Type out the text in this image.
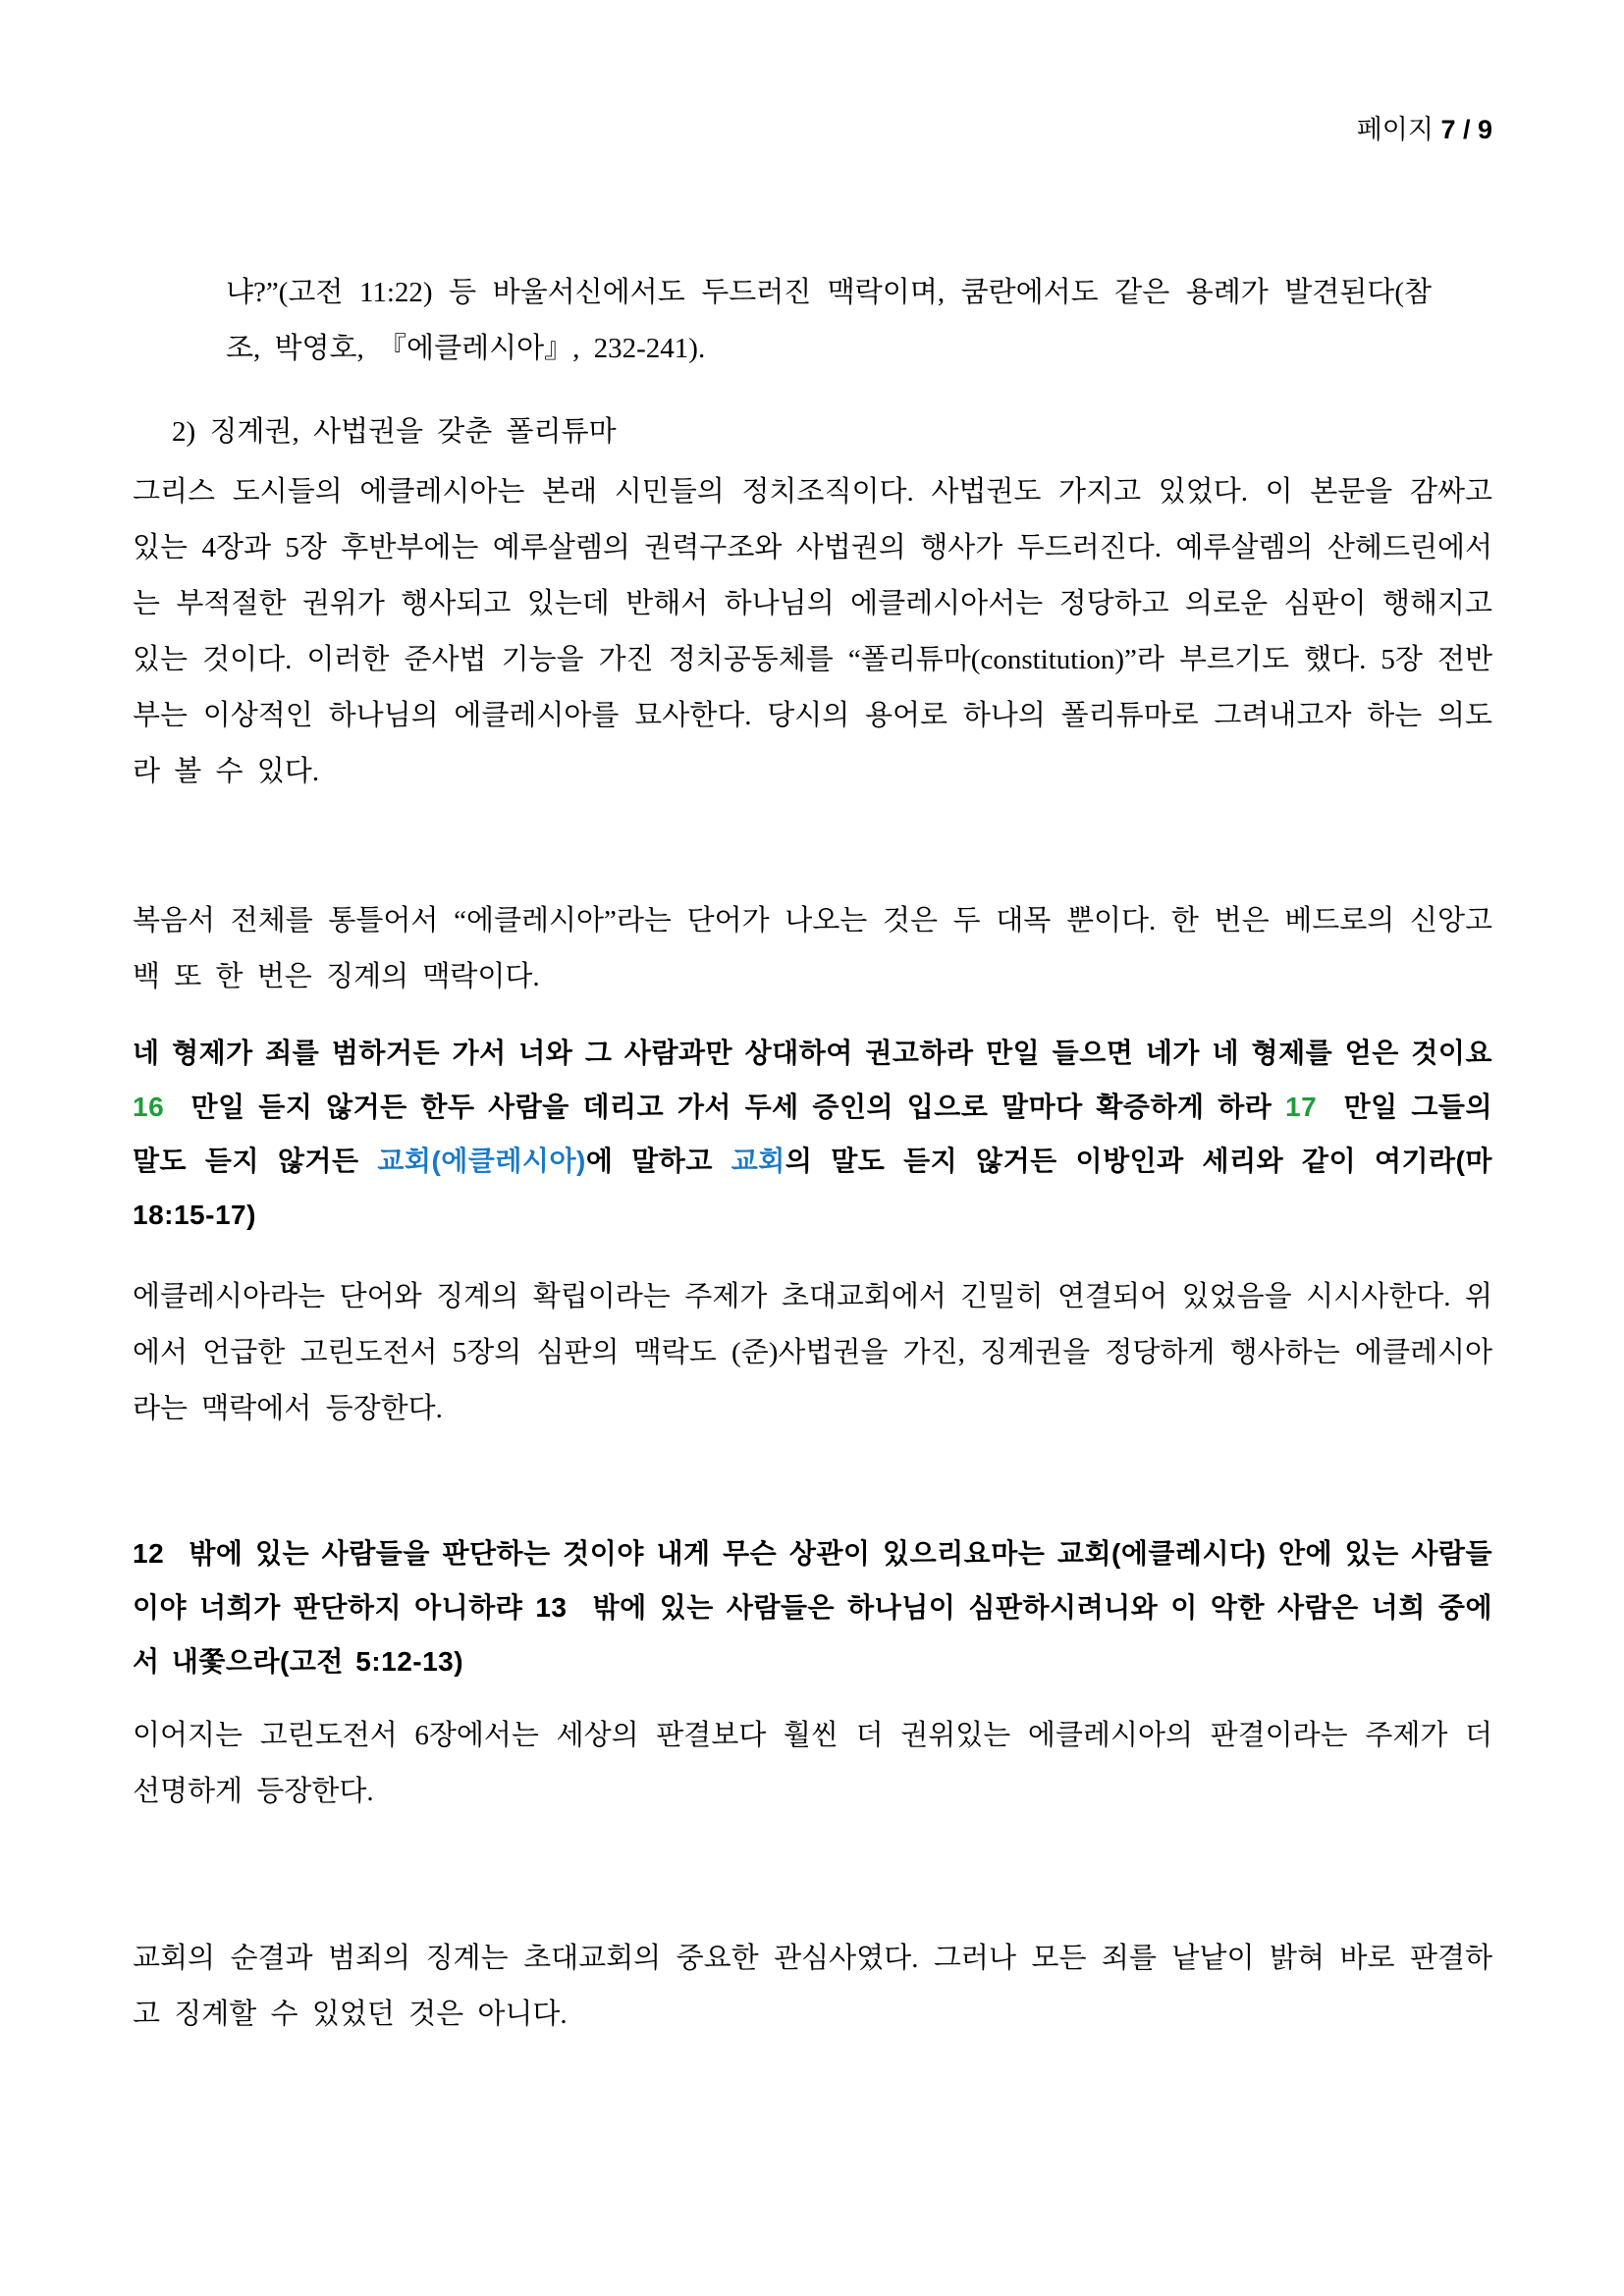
페이지 7 / 9

냐?”(고전 11:22) 등 바울서신에서도 두드러진 맥락이며, 쿰란에서도 같은 용례가 발견된다(참조, 박영호, 『에클레시아』, 232-241).

2) 징계권, 사법권을 갖춘 폴리튜마

그리스 도시들의 에클레시아는 본래 시민들의 정치조직이다. 사법권도 가지고 있었다. 이 본문을 감싸고 있는 4장과 5장 후반부에는 예루살렘의 권력구조와 사법권의 행사가 두드러진다. 예루살렘의 산헤드린에서는 부적절한 권위가 행사되고 있는데 반해서 하나님의 에클레시아서는 정당하고 의로운 심판이 행해지고 있는 것이다. 이러한 준사법 기능을 가진 정치공동체를 “폴리튜마(constitution)”라 부르기도 했다. 5장 전반부는 이상적인 하나님의 에클레시아를 묘사한다. 당시의 용어로 하나의 폴리튜마로 그려내고자 하는 의도라 볼 수 있다.

복음서 전체를 통틀어서 “에클레시아”라는 단어가 나오는 것은 두 대목 뿐이다. 한 번은 베드로의 신앙고백 또 한 번은 징계의 맥락이다.

네 형제가 죄를 범하거든 가서 너와 그 사람과만 상대하여 권고하라 만일 들으면 네가 네 형제를 얻은 것이요 16  만일 듣지 않거든 한두 사람을 데리고 가서 두세 증인의 입으로 말마다 확증하게 하라 17  만일 그들의 말도 듣지 않거든 교회(에클레시아)에 말하고 교회의 말도 듣지 않거든 이방인과 세리와 같이 여기라(마 18:15-17)

에클레시아라는 단어와 징계의 확립이라는 주제가 초대교회에서 긴밀히 연결되어 있었음을 시시사한다. 위에서 언급한 고린도전서 5장의 심판의 맥락도 (준)사법권을 가진, 징계권을 정당하게 행사하는 에클레시아라는 맥락에서 등장한다.

12  밖에 있는 사람들을 판단하는 것이야 내게 무슨 상관이 있으리요마는 교회(에클레시다) 안에 있는 사람들이야 너희가 판단하지 아니하랴 13  밖에 있는 사람들은 하나님이 심판하시려니와 이 악한 사람은 너희 중에서 내쫓으라(고전 5:12-13)

이어지는 고린도전서 6장에서는 세상의 판결보다 훨씬 더 권위있는 에클레시아의 판결이라는 주제가 더 선명하게 등장한다.

교회의 순결과 범죄의 징계는 초대교회의 중요한 관심사였다. 그러나 모든 죄를 낱낱이 밝혀 바로 판결하고 징계할 수 있었던 것은 아니다.
